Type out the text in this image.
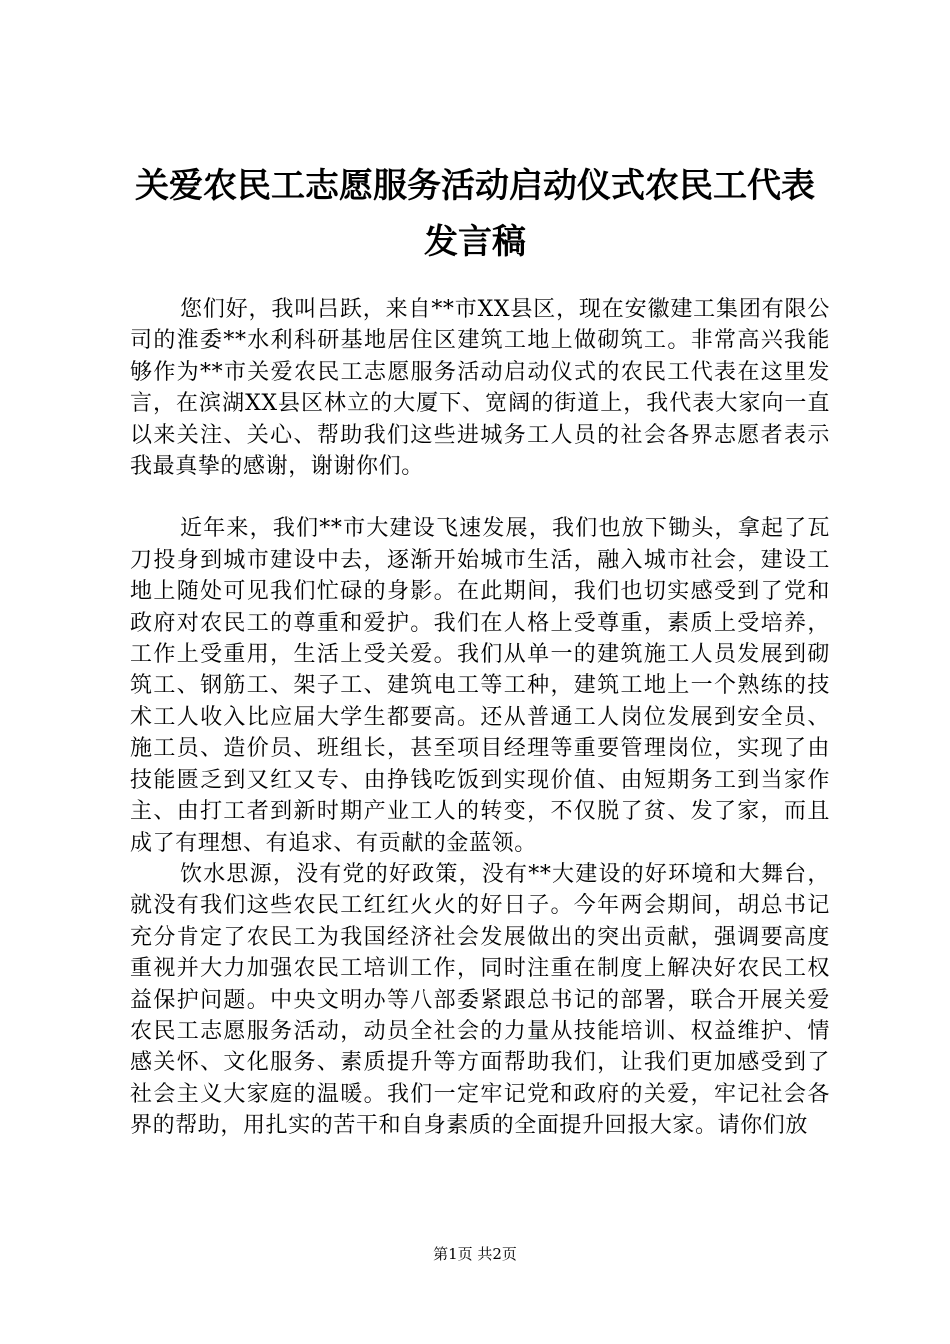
关爱农民工志愿服务活动启动仪式农民工代表
发言稿

您们好，我叫吕跃，来自**市XX县区，现在安徽建工集团有限公司的淮委**水利科研基地居住区建筑工地上做砌筑工。非常高兴我能够作为**市关爱农民工志愿服务活动启动仪式的农民工代表在这里发言，在滨湖XX县区林立的大厦下、宽阔的街道上，我代表大家向一直以来关注、关心、帮助我们这些进城务工人员的社会各界志愿者表示我最真挚的感谢，谢谢你们。

近年来，我们**市大建设飞速发展，我们也放下锄头，拿起了瓦刀投身到城市建设中去，逐渐开始城市生活，融入城市社会，建设工地上随处可见我们忙碌的身影。在此期间，我们也切实感受到了党和政府对农民工的尊重和爱护。我们在人格上受尊重，素质上受培养，工作上受重用，生活上受关爱。我们从单一的建筑施工人员发展到砌筑工、钢筋工、架子工、建筑电工等工种，建筑工地上一个熟练的技术工人收入比应届大学生都要高。还从普通工人岗位发展到安全员、施工员、造价员、班组长，甚至项目经理等重要管理岗位，实现了由技能匮乏到又红又专、由挣钱吃饭到实现价值、由短期务工到当家作主、由打工者到新时期产业工人的转变，不仅脱了贫、发了家，而且成了有理想、有追求、有贡献的金蓝领。

饮水思源，没有党的好政策，没有**大建设的好环境和大舞台，就没有我们这些农民工红红火火的好日子。今年两会期间，胡总书记充分肯定了农民工为我国经济社会发展做出的突出贡献，强调要高度重视并大力加强农民工培训工作，同时注重在制度上解决好农民工权益保护问题。中央文明办等八部委紧跟总书记的部署，联合开展关爱农民工志愿服务活动，动员全社会的力量从技能培训、权益维护、情感关怀、文化服务、素质提升等方面帮助我们，让我们更加感受到了社会主义大家庭的温暖。我们一定牢记党和政府的关爱，牢记社会各界的帮助，用扎实的苦干和自身素质的全面提升回报大家。请你们放

第1页 共2页
